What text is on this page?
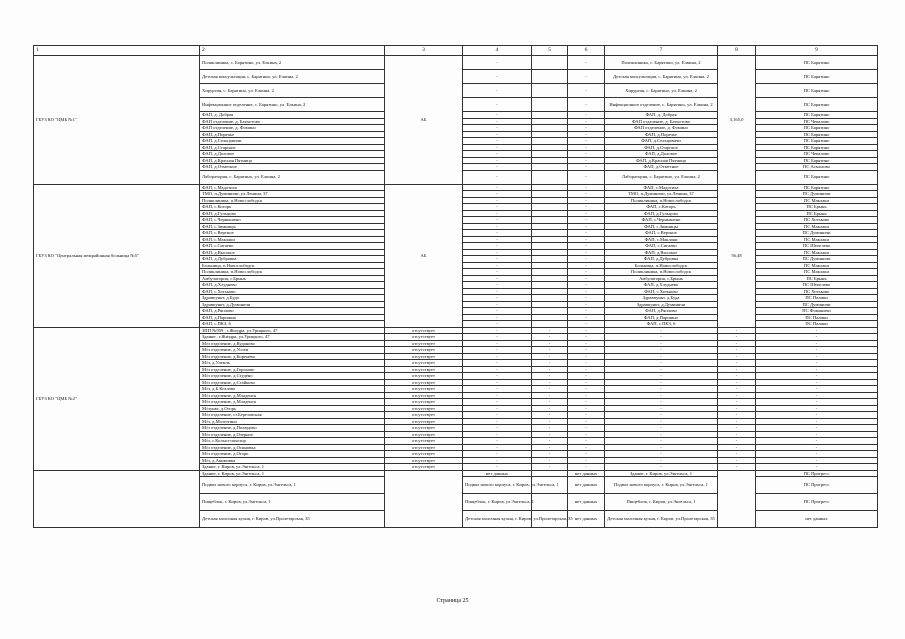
1	2	3	4	5	6	7	8	9
ГБУЗ КО "ЦМБ №1"	Поликлиника, с. Барятино, ул. Елкина, 2	АБ	-		-	Поликлиника, с. Барятино, ул. Елкина, 2	3,165,0	ПС Барятино
	Детская консультация, с. Барятино, ул. Елкина, 2		-		-	Детская консультация, с. Барятино, ул. Елкина, 2		ПС Барятино
	Хирургия, с. Барятино, ул. Елкина, 2		-		-	Хирургия, с. Барятино, ул. Елкина, 2		ПС Барятино
	Инфекционное отделение, с. Барятино, ул. Елкина, 2		-		-	Инфекционное отделение, с. Барятино, ул. Елкина, 2		ПС Барятино
	ФАП, д. Добрая		-		-	ФАП, д. Добрая		ПС Барятино
	ФАП отделение, д. Батыгтово		-		-	ФАП отделение, д. Батыгтово		ПС Чекалово
	ФАП отделение, д. Фомино		-		-	ФАП отделение, д. Фомино		ПС Барятино
	ФАП, д.Поречье		-		-	ФАП, д.Поречье		ПС Барятино
	ФАП, д.Сельцовичи		-		-	ФАП, д.Сельцовичи		ПС Барятино
	ФАП, д.Старское		-		-	ФАП, д.Старское		ПС Барятино
	ФАП, д.Доловое		-		-	ФАП, д.Доловое		ПС Чекалово
	ФАП, д.Красная Пятница		-		-	ФАП, д.Красная Пятница		ПС Барятино
	ФАП, д.Отметное		-		-	ФАП, д.Отметное		ПС Асмолово
	Лаборатория, с. Барятино, ул. Елкина, 2		-		-	Лаборатория, с. Барятино, ул. Елкина, 2		ПС Барятино
ГБУЗ КО "Центральная межрайонная больница №5"	ФАП, с.Мадотиха	АБ	-		-	ФАП, с.Мадотиха	56,48	ПС Барятино
	ТМО, п.Думиничи, ул.Ленина, 37		-		-	ТМО, п.Думиничи, ул.Ленина, 37		ПС Думиничи
	Поликлиника, п.Новослободск		-		-	Поликлиника, п.Новослободск		ПС Маклаки
	ФАП, с.Которь		-		-	ФАП, с.Которь		ПС Брынь
	ФАП, д.Гульцово		-		-	ФАП, д.Гульцово		ПС Брынь
	ФАП, с.Чернышено		-		-	ФАП, с.Чернышено		ПС Хотьково
	ФАП, с.Зимницы		-		-	ФАП, с.Зимницы		ПС Маклаки
	ФАП, с.Вертное		-		-	ФАП, с.Вертное		ПС Думиничи
	ФАП, с.Маклаки		-		-	ФАП, с.Маклаки		ПС Маклаки
	ФАП, с.Сигаево		-		-	ФАП, с.Сигаево		ПС Шепелево
	ФАП, д.Высокое		-		-	ФАП, д.Высокое		ПС Маклаки
	ФАП, д.Дубровка		-		-	ФАП, д.Дубровка		ПС Думиничи
	Больница, п.Новослободск		-		-	Больница, п.Новослободск		ПС Маклаки
	Поликлиника, п.Новослободск		-		-	Поликлиника, п.Новослободск		ПС Маклаки
	Амбулатория, с.Брынь		-		-	Амбулатория, с.Брынь		ПС Брынь
	ФАП, д.Хлуднево		-		-	ФАП, д.Хлуднево		ПС Шепелево
	ФАП, с.Хотьково		-		-	ФАП, с.Хотьково		ПС Хотьково
	Здравпункт, д.Буда		-		-	Здравпункт, д.Буда		ПС Палики
	Здравпункт, д.Думиничи		-		-	Здравпункт, д.Думиничи		ПС Думиничи
	ФАП, д.Ряплово		-		-	ФАП, д.Ряплово		ПС Фоминичи
	ФАП, д.Паршино		-		-	ФАП, д.Паршино		ПС Палики
	ФАП, с.ПКЗ, 6		-		-	ФАП, с.ПКЗ, 6		ПС Палики
ГБУЗ КО "ЦМБ №2"	ЗПП №959 , г.Жиздра, ул.Урицкого, 47	отсутствует	-	-	-	-	-	-
	Здание , г.Жиздра, ул.Урицкого, 47	отсутствует	-	-	-	-	-	-
	М/п отделение, д.Куданово	отсутствует	-	-	-	-	-	-
	М/п отделение, д.Усохи	отсутствует	-	-	-	-	-	-
	М/п отделение, д.Коренево	отсутствует	-	-	-	-	-	-
	М/п, д.Улемль	отсутствует	-	-	-	-	-	-
	М/п отделение, д.Горохово	отсутствует	-	-	-	-	-	-
	М/п отделение, д.Студено	отсутствует	-	-	-	-	-	-
	М/п отделение, д.Стайково	отсутствует	-	-	-	-	-	-
	М/п, д.Б.Козлово	отсутствует	-	-	-	-	-	-
	М/п отделение, д.Младенск	отсутствует	-	-	-	-	-	-
	М/п отделение, д.Младенск	отсутствует	-	-	-	-	-	-
	М/пункт, д.Огорь	отсутствует	-	-	-	-	-	-
	М/п отделение, ст.Березовская	отсутствует	-	-	-	-	-	-
	М/п, д.Мозготино	отсутствует	-	-	-	-	-	-
	М/п отделение, д.Полюдово	отсутствует	-	-	-	-	-	-
	М/п отделение, д.Озерное	отсутствует	-	-	-	-	-	-
	М/п, с.Колхоз-пахотор	отсутствует	-	-	-	-	-	-
	М/п отделение, д.Осиновка	отсутствует	-	-	-	-	-	-
	М/п отделение, д.Огорь	отсутствует	-	-	-	-	-	-
	М/п, д.Акимовка	отсутствует	-	-	-	-	-	-
	Здание, г. Киров, ул.Энгельса, 1	отсутствует	-	-	-	-	-	-
	Здание, г. Киров, ул.Энгельса, 1		нет данных		нет данных	Здание, г. Киров, ул.Энгельса, 1		ПС Прогресс
	Подвал нового корпуса, г. Киров, ул.Энгельса, 1		Подвал нового корпуса, г. Киров, ул.Энгельса, 1		нет данных	Подвал нового корпуса, г. Киров, ул.Энгельса, 1		ПС Прогресс
	Пищеблок, г. Киров, ул.Энгельса, 1		Пищеблок, г. Киров, ул.Энгельса, 1		нет данных	Пищеблок, г. Киров, ул.Энгельса, 1		ПС Прогресс
	Детская молочная кухня, г. Киров, ул.Пролетарская, 35		Детская молочная кухня, г. Киров, ул.Пролетарская, 35		нет данных	Детская молочная кухня, г. Киров, ул.Пролетарская, 35		нет данных
Страница 25
